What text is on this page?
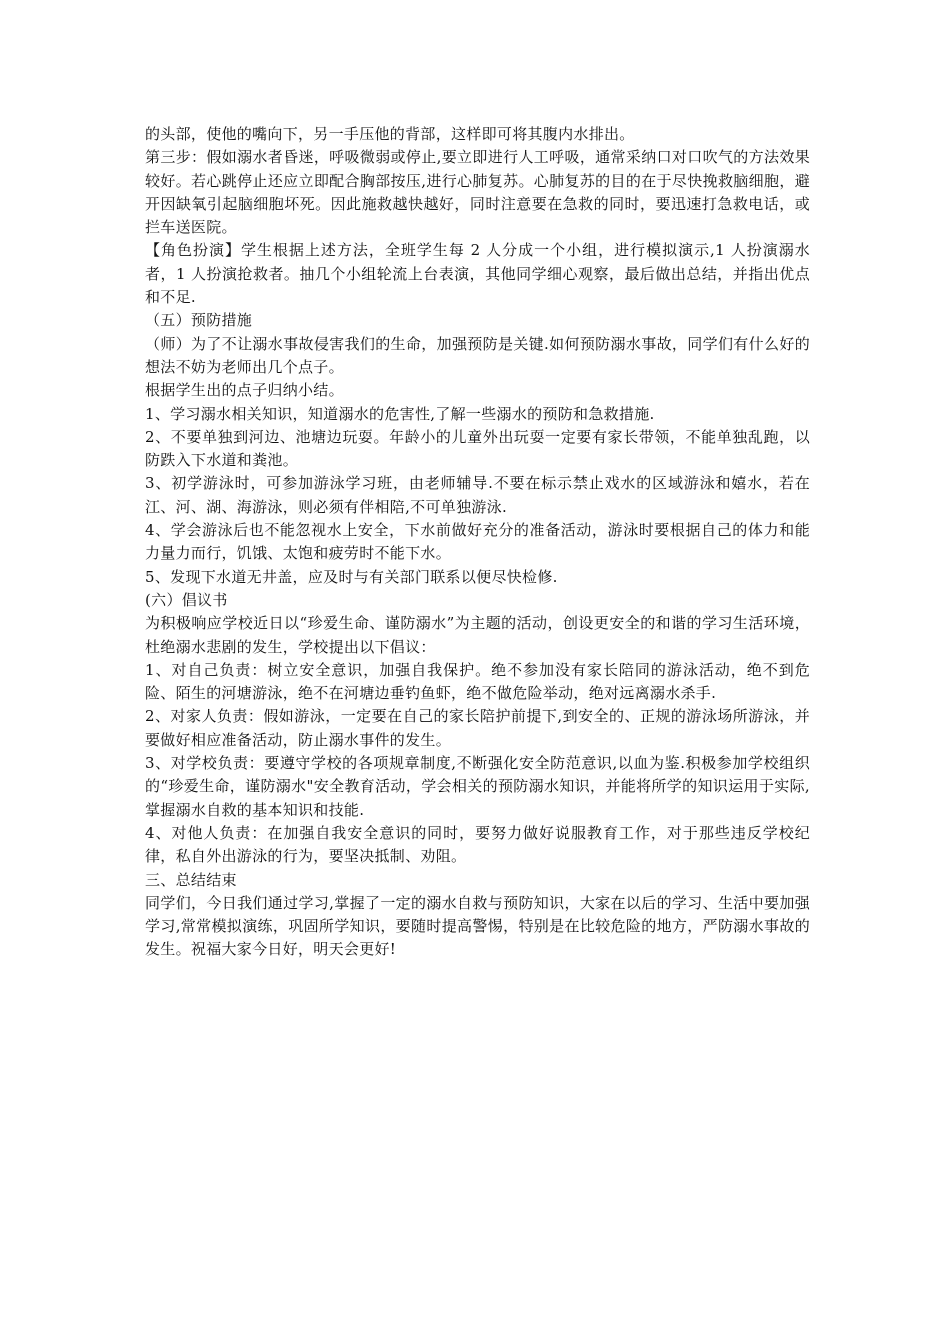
的头部，使他的嘴向下，另一手压他的背部，这样即可将其腹内水排出。

第三步：假如溺水者昏迷，呼吸微弱或停止,要立即进行人工呼吸，通常采纳口对口吹气的方法效果较好。若心跳停止还应立即配合胸部按压,进行心肺复苏。心肺复苏的目的在于尽快挽救脑细胞，避开因缺氧引起脑细胞坏死。因此施救越快越好，同时注意要在急救的同时，要迅速打急救电话，或拦车送医院。

【角色扮演】学生根据上述方法，全班学生每 2 人分成一个小组，进行模拟演示,1 人扮演溺水者，1 人扮演抢救者。抽几个小组轮流上台表演，其他同学细心观察，最后做出总结，并指出优点和不足.

（五）预防措施

（师）为了不让溺水事故侵害我们的生命，加强预防是关键.如何预防溺水事故，同学们有什么好的想法不妨为老师出几个点子。

根据学生出的点子归纳小结。

1、学习溺水相关知识，知道溺水的危害性,了解一些溺水的预防和急救措施.

2、不要单独到河边、池塘边玩耍。年龄小的儿童外出玩耍一定要有家长带领，不能单独乱跑，以防跌入下水道和粪池。

3、初学游泳时，可参加游泳学习班，由老师辅导.不要在标示禁止戏水的区域游泳和嬉水，若在江、河、湖、海游泳，则必须有伴相陪,不可单独游泳.

4、学会游泳后也不能忽视水上安全，下水前做好充分的准备活动，游泳时要根据自己的体力和能力量力而行，饥饿、太饱和疲劳时不能下水。

5、发现下水道无井盖，应及时与有关部门联系以便尽快检修.

(六）倡议书

为积极响应学校近日以“珍爱生命、谨防溺水”为主题的活动，创设更安全的和谐的学习生活环境，杜绝溺水悲剧的发生，学校提出以下倡议：

1、对自己负责：树立安全意识，加强自我保护。绝不参加没有家长陪同的游泳活动，绝不到危险、陌生的河塘游泳，绝不在河塘边垂钓鱼虾，绝不做危险举动，绝对远离溺水杀手.

2、对家人负责：假如游泳，一定要在自己的家长陪护前提下,到安全的、正规的游泳场所游泳，并要做好相应准备活动，防止溺水事件的发生。

3、对学校负责：要遵守学校的各项规章制度,不断强化安全防范意识,以血为鉴.积极参加学校组织的“珍爱生命，谨防溺水"安全教育活动，学会相关的预防溺水知识，并能将所学的知识运用于实际,掌握溺水自救的基本知识和技能.

4、对他人负责：在加强自我安全意识的同时，要努力做好说服教育工作，对于那些违反学校纪律，私自外出游泳的行为，要坚决抵制、劝阻。

三、总结结束

同学们，今日我们通过学习,掌握了一定的溺水自救与预防知识，大家在以后的学习、生活中要加强学习,常常模拟演练，巩固所学知识，要随时提高警惕，特别是在比较危险的地方，严防溺水事故的发生。祝福大家今日好，明天会更好!
